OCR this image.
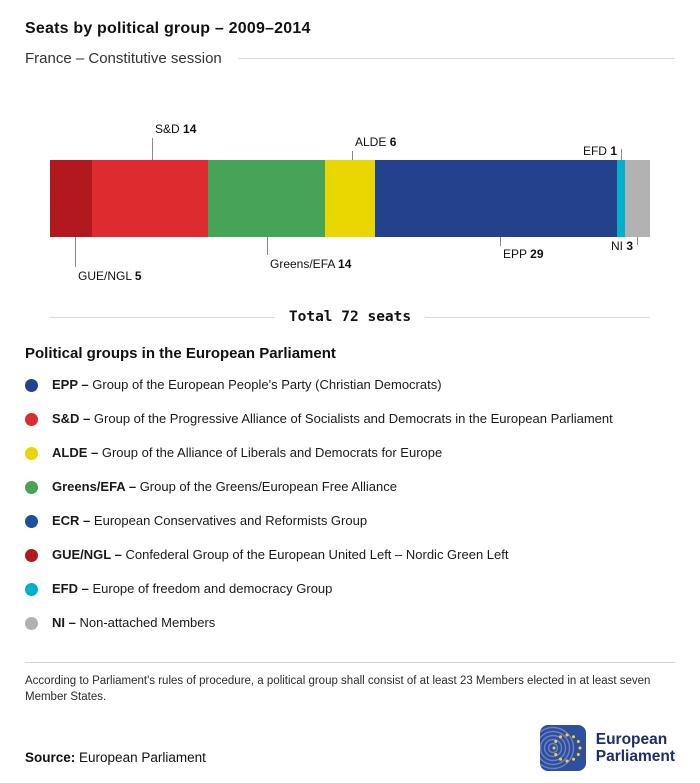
Seats by political group – 2009–2014
France – Constitutive session
S&D 14
ALDE 6
EFD 1
GUE/NGL 5
Greens/EFA 14
EPP 29
NI 3
Total 72 seats
Political groups in the European Parliament
EPP – Group of the European People's Party (Christian Democrats)
S&D – Group of the Progressive Alliance of Socialists and Democrats in the European Parliament
ALDE – Group of the Alliance of Liberals and Democrats for Europe
Greens/EFA – Group of the Greens/European Free Alliance
ECR – European Conservatives and Reformists Group
GUE/NGL – Confederal Group of the European United Left – Nordic Green Left
EFD – Europe of freedom and democracy Group
NI – Non-attached Members

According to Parliament's rules of procedure, a political group shall consist of at least 23 Members elected in at least seven Member States.

Source: European Parliament

European
Parliament
